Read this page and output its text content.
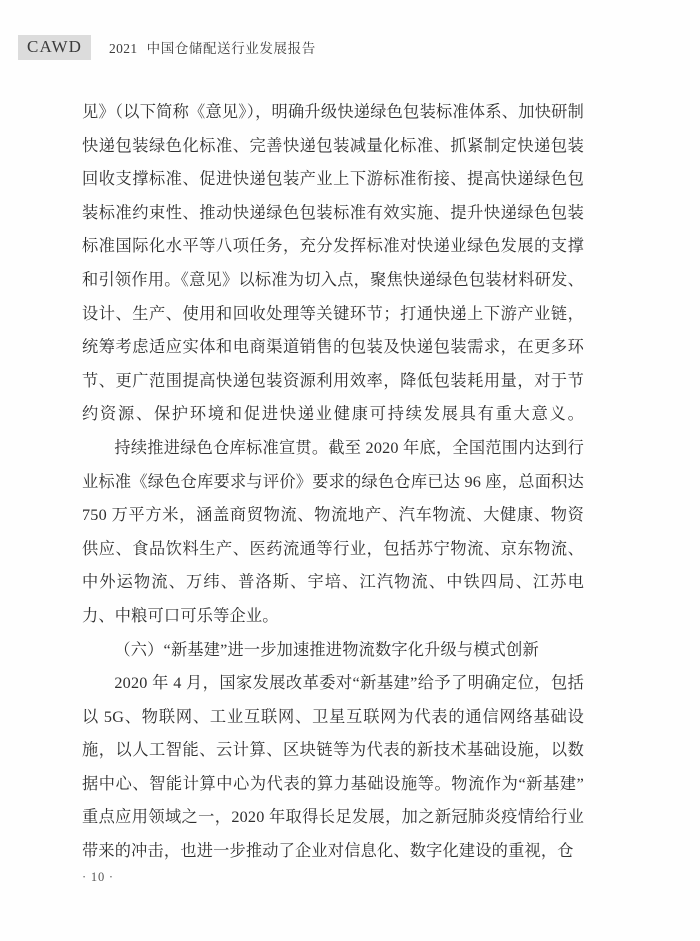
CAWD	2021 中国仓储配送行业发展报告

见》（以下简称《意见》），明确升级快递绿色包装标准体系、加快研制快递包装绿色化标准、完善快递包装减量化标准、抓紧制定快递包装回收支撑标准、促进快递包装产业上下游标准衔接、提高快递绿色包装标准约束性、推动快递绿色包装标准有效实施、提升快递绿色包装标准国际化水平等八项任务，充分发挥标准对快递业绿色发展的支撑和引领作用。《意见》以标准为切入点，聚焦快递绿色包装材料研发、设计、生产、使用和回收处理等关键环节；打通快递上下游产业链，统筹考虑适应实体和电商渠道销售的包装及快递包装需求，在更多环节、更广范围提高快递包装资源利用效率，降低包装耗用量，对于节约资源、保护环境和促进快递业健康可持续发展具有重大意义。

持续推进绿色仓库标准宣贯。截至 2020 年底，全国范围内达到行业标准《绿色仓库要求与评价》要求的绿色仓库已达 96 座，总面积达 750 万平方米，涵盖商贸物流、物流地产、汽车物流、大健康、物资供应、食品饮料生产、医药流通等行业，包括苏宁物流、京东物流、中外运物流、万纬、普洛斯、宇培、江汽物流、中铁四局、江苏电力、中粮可口可乐等企业。

（六）“新基建”进一步加速推进物流数字化升级与模式创新

2020 年 4 月，国家发展改革委对“新基建”给予了明确定位，包括以 5G、物联网、工业互联网、卫星互联网为代表的通信网络基础设施，以人工智能、云计算、区块链等为代表的新技术基础设施，以数据中心、智能计算中心为代表的算力基础设施等。物流作为“新基建”重点应用领域之一，2020 年取得长足发展，加之新冠肺炎疫情给行业带来的冲击，也进一步推动了企业对信息化、数字化建设的重视，仓

· 10 ·
